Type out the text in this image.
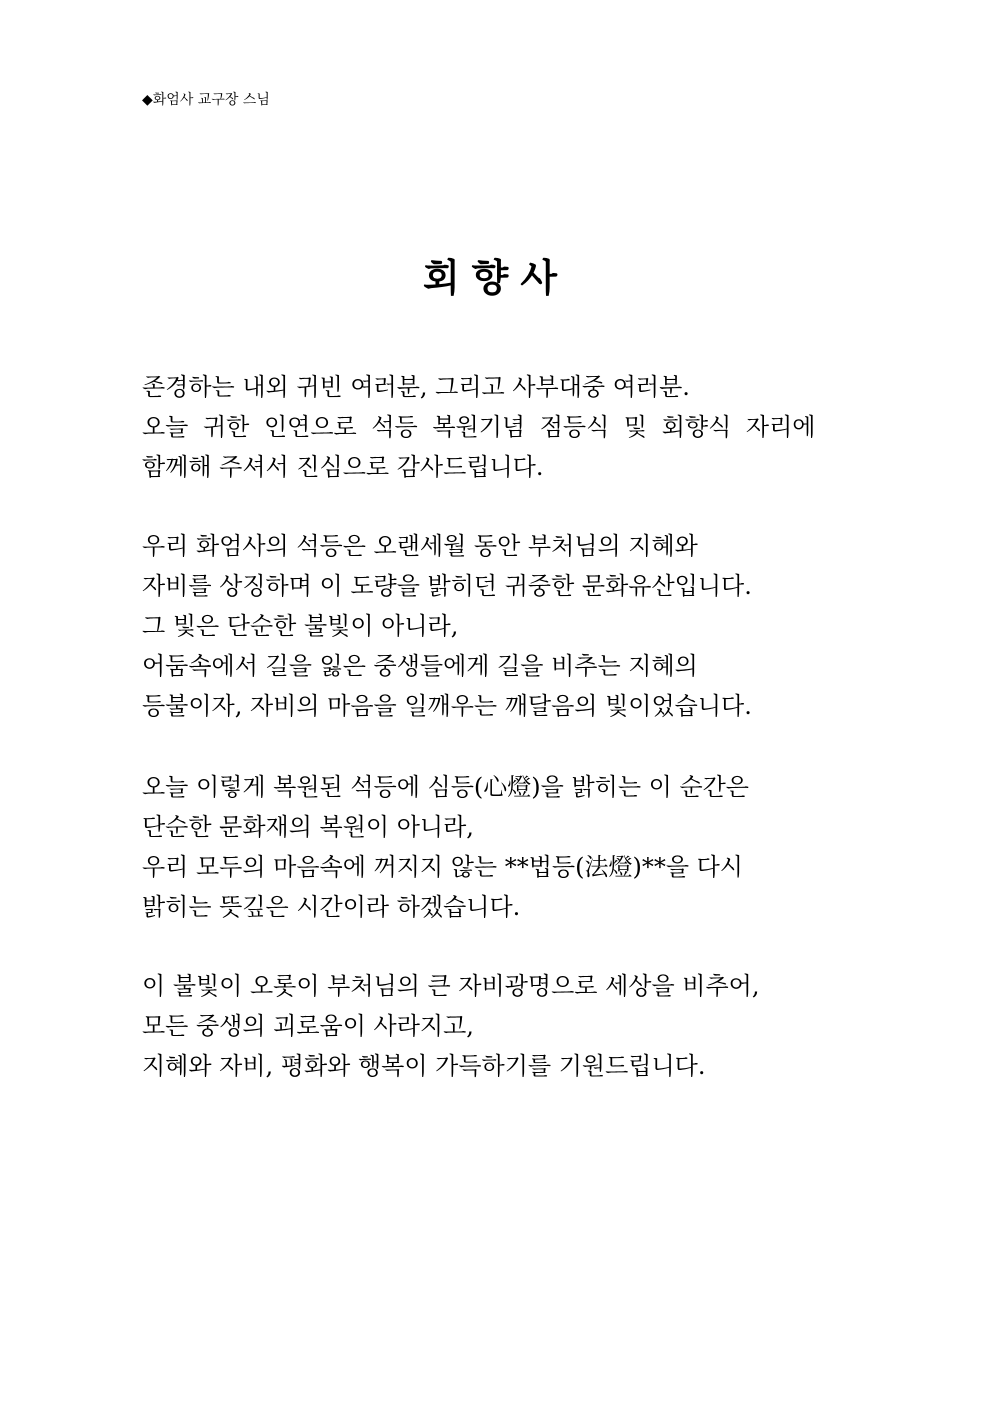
◆화엄사 교구장 스님
회향사
존경하는 내외 귀빈 여러분, 그리고 사부대중 여러분.
오늘 귀한 인연으로 석등 복원기념 점등식 및 회향식 자리에
함께해 주셔서 진심으로 감사드립니다.
우리 화엄사의 석등은 오랜세월 동안 부처님의 지혜와
자비를 상징하며 이 도량을 밝히던 귀중한 문화유산입니다.
그 빛은 단순한 불빛이 아니라,
어둠속에서 길을 잃은 중생들에게 길을 비추는 지혜의
등불이자, 자비의 마음을 일깨우는 깨달음의 빛이었습니다.
오늘 이렇게 복원된 석등에 심등(心燈)을 밝히는 이 순간은
단순한 문화재의 복원이 아니라,
우리 모두의 마음속에 꺼지지 않는 **법등(法燈)**을 다시
밝히는 뜻깊은 시간이라 하겠습니다.
이 불빛이 오롯이 부처님의 큰 자비광명으로 세상을 비추어,
모든 중생의 괴로움이 사라지고,
지혜와 자비, 평화와 행복이 가득하기를 기원드립니다.
